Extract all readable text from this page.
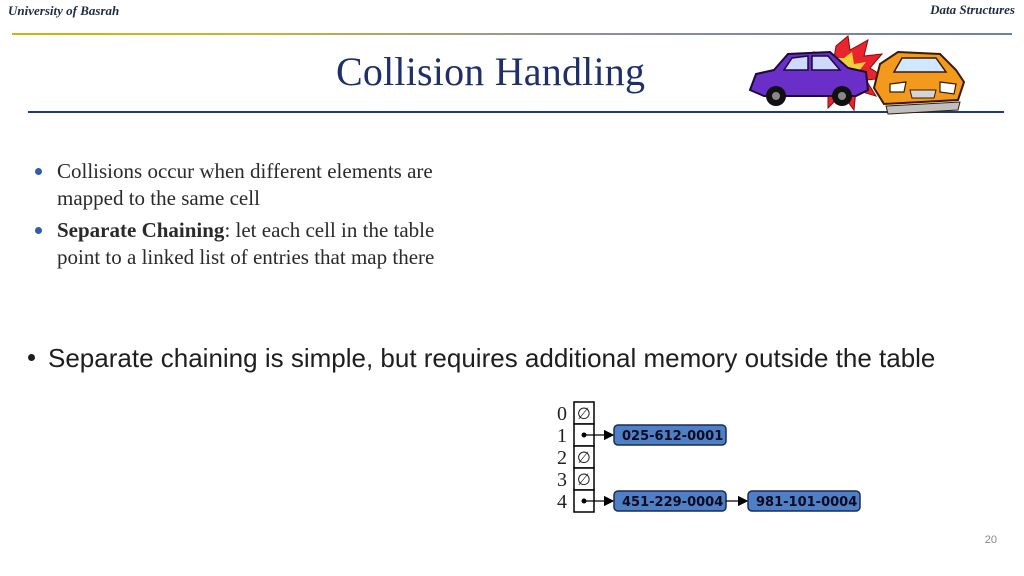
University of Basrah	Data Structures
Collision Handling
Collisions occur when different elements are mapped to the same cell
Separate Chaining: let each cell in the table point to a linked list of entries that map there
Separate chaining is simple, but requires additional memory outside the table
0 ∅
1	025-612-0001
2 ∅
3 ∅
4	451-229-0004	981-101-0004
20
